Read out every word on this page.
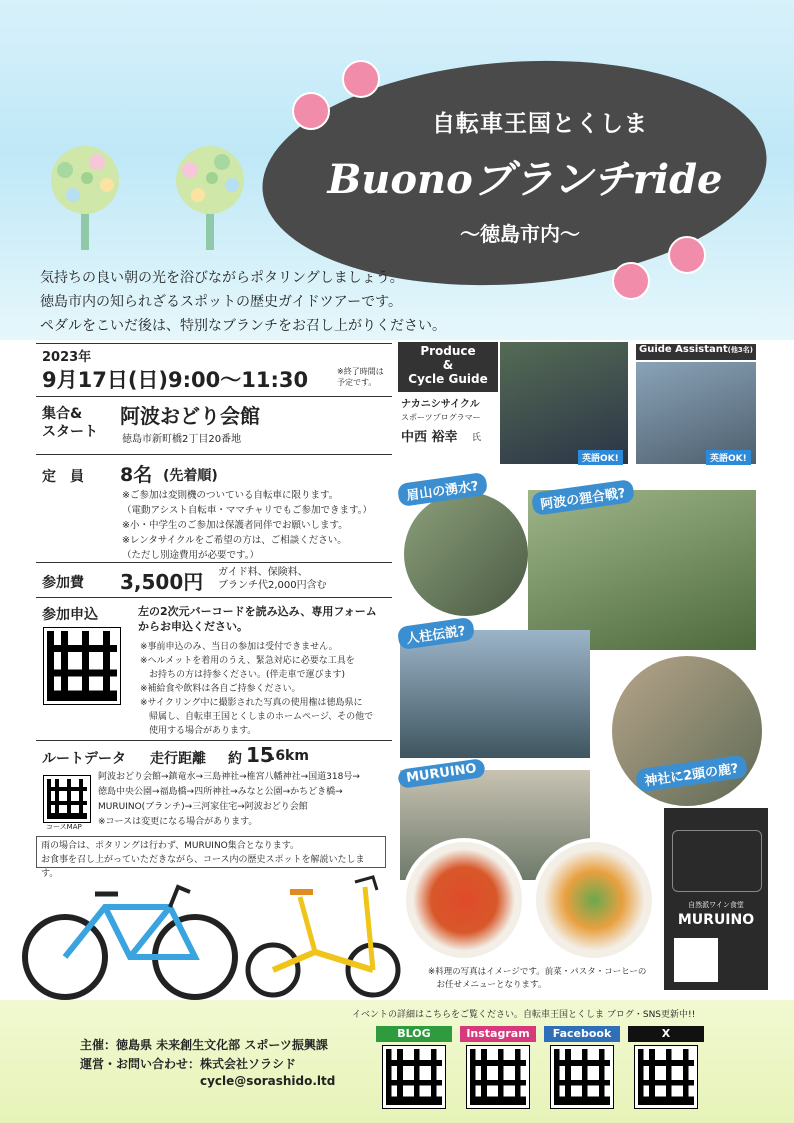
自転車王国とくしま
Buonoブランチride
〜徳島市内〜
気持ちの良い朝の光を浴びながらポタリングしましょう。
徳島市内の知られざるスポットの歴史ガイドツアーです。
ペダルをこいだ後は、特別なブランチをお召し上がりください。
2023年
9月17日(日)9:00〜11:30	※終了時間は
予定です。
集合&
スタート
阿波おどり会館
徳島市新町橋2丁目20番地
定　員 8名 (先着順)
※ご参加は変則機のついている自転車に限ります。
（電動アシスト自転車・ママチャリでもご参加できます。）
※小・中学生のご参加は保護者同伴でお願いします。
※レンタサイクルをご希望の方は、ご相談ください。
（ただし別途費用が必要です。）
参加費 3,500円 ガイド料、保険料、
ブランチ代2,000円含む
参加申込	左の2次元バーコードを読み込み、専用フォーム
からお申込ください。
※事前申込のみ、当日の参加は受付できません。
※ヘルメットを着用のうえ、緊急対応に必要な工具を
　お持ちの方は持参ください。(伴走車で運びます)
※補給食や飲料は各自ご持参ください。
※サイクリング中に撮影された写真の使用権は徳島県に
　帰属し、自転車王国とくしまのホームページ、その他で
　使用する場合があります。
ルートデータ 走行距離 約 15
.6km
コースMAP
阿波おどり会館→鎮竜水→三島神社→椎宮八幡神社→国道318号→
徳島中央公園→福島橋→四所神社→みなと公園→かちどき橋→
MURUINO(ブランチ)→三河家住宅→阿波おどり会館
※コースは変更になる場合があります。
雨の場合は、ポタリングは行わず、MURUINO集合となります。
お食事を召し上がっていただきながら、コース内の歴史スポットを解説いたします。
Produce
&
Cycle Guide
ナカニシサイクル
スポーツプログラマー
中西 裕幸 氏
英語OK!
Guide Assistant(他3名)
英語OK!
眉山の湧水?	阿波の狸合戦?
人柱伝説?
神社に2頭の鹿?
MURUINO
自然派ワイン食堂
MURUINO
※料理の写真はイメージです。前菜・パスタ・コーヒーの
　お任せメニューとなります。
イベントの詳細はこちらをご覧ください。自転車王国とくしま ブログ・SNS更新中!!
主催：徳島県 未来創生文化部 スポーツ振興課
運営・お問い合わせ：株式会社ソラシド
cycle@sorashido.ltd
BLOG	Instagram	Facebook	X
